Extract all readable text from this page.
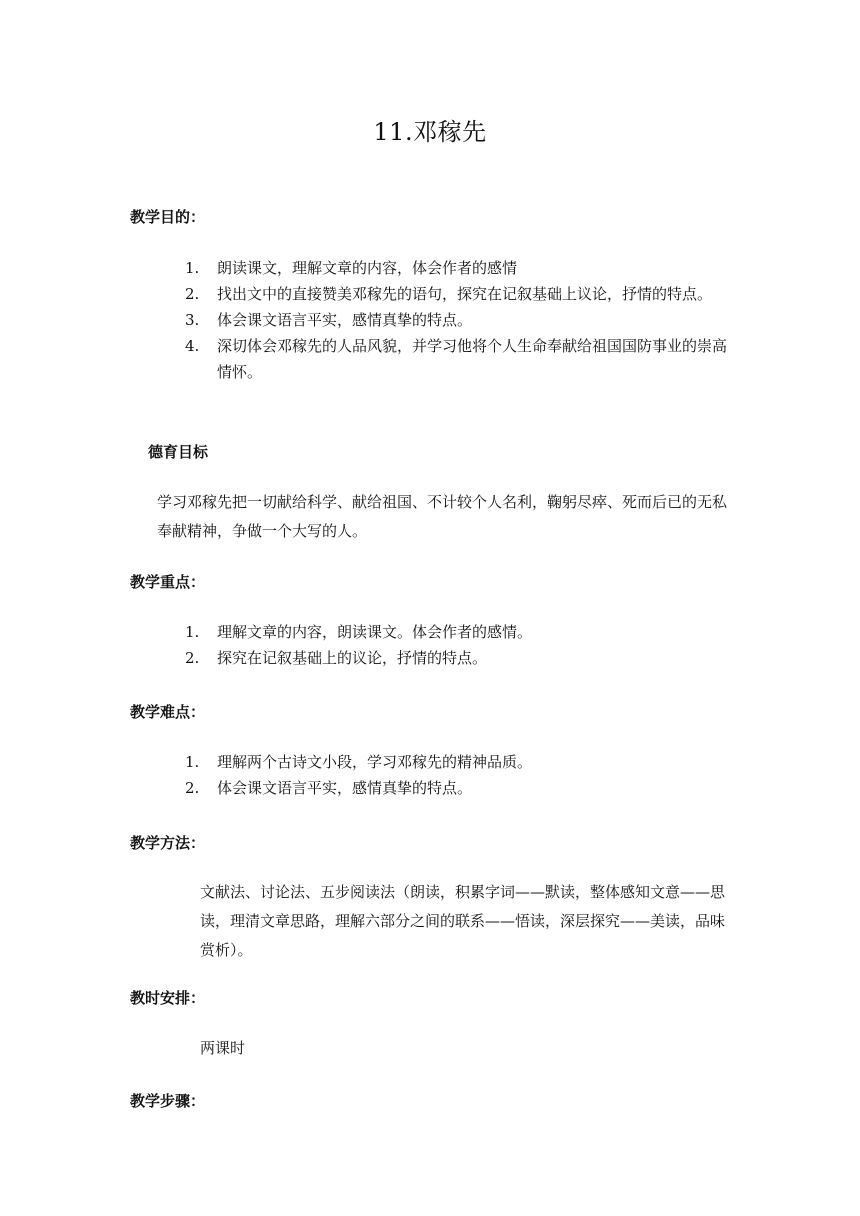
11.邓稼先
教学目的：
1. 朗读课文，理解文章的内容，体会作者的感情
2. 找出文中的直接赞美邓稼先的语句，探究在记叙基础上议论，抒情的特点。
3. 体会课文语言平实，感情真挚的特点。
4. 深切体会邓稼先的人品风貌，并学习他将个人生命奉献给祖国国防事业的崇高情怀。
德育目标

学习邓稼先把一切献给科学、献给祖国、不计较个人名利，鞠躬尽瘁、死而后已的无私奉献精神，争做一个大写的人。

教学重点：
1. 理解文章的内容，朗读课文。体会作者的感情。
2. 探究在记叙基础上的议论，抒情的特点。
教学难点：
1. 理解两个古诗文小段，学习邓稼先的精神品质。
2. 体会课文语言平实，感情真挚的特点。
教学方法：

文献法、讨论法、五步阅读法（朗读，积累字词——默读，整体感知文意——思读，理清文章思路，理解六部分之间的联系——悟读，深层探究——美读，品味赏析）。

教时安排：

两课时

教学步骤：
